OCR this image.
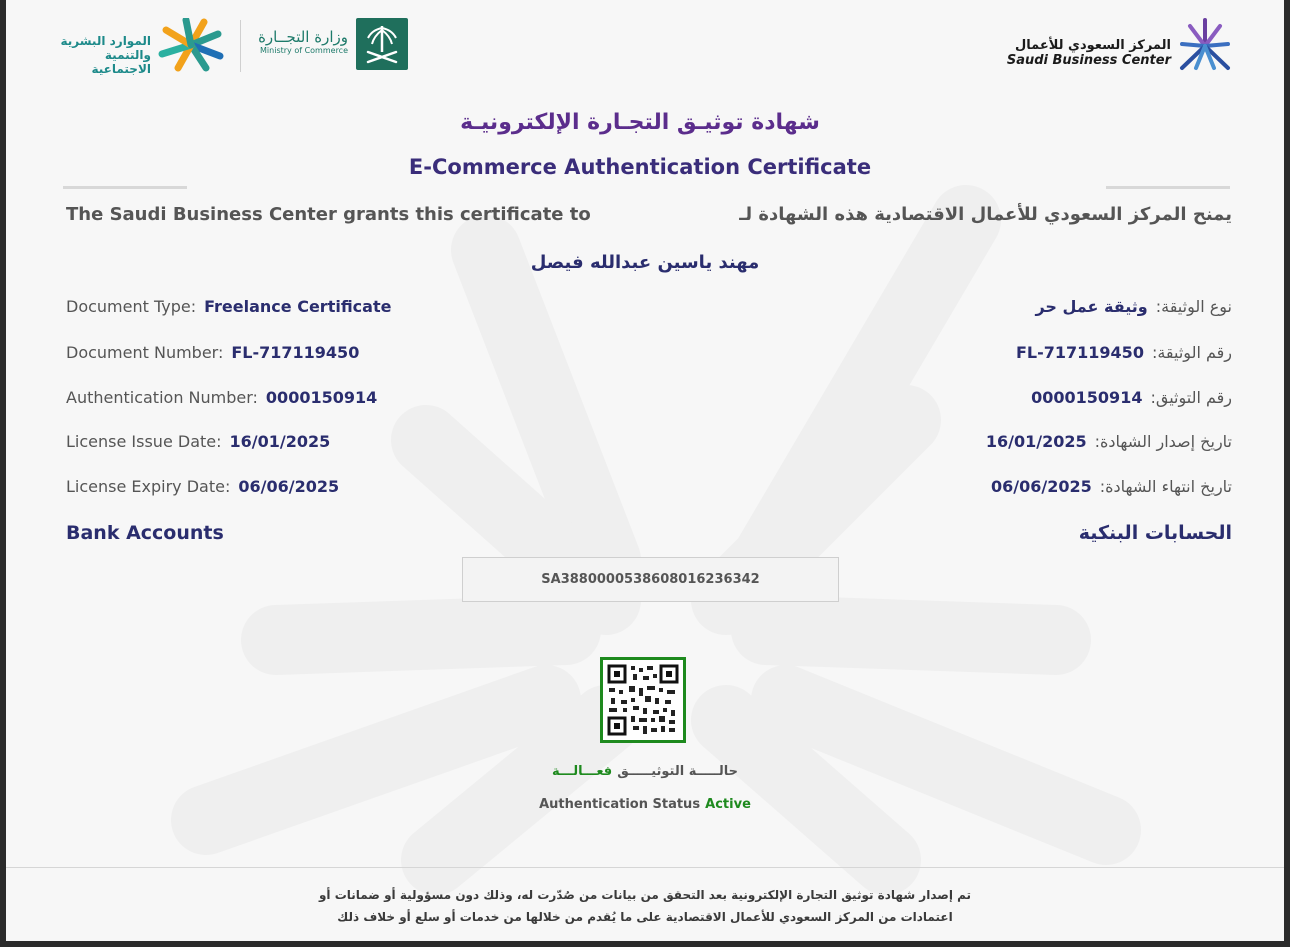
الموارد البشرية
والتنمية الاجتماعية
وزارة التجــارة
Ministry of Commerce	المركز السعودي للأعمال
Saudi Business Center
شهادة توثيـق التجـارة الإلكترونيـة
E-Commerce Authentication Certificate
The Saudi Business Center grants this certificate to	يمنح المركز السعودي للأعمال الاقتصادية هذه الشهادة لـ
مهند ياسين عبدالله فيصل
Document Type: Freelance Certificate
Document Number: FL-717119450
Authentication Number: 0000150914
License Issue Date: 16/01/2025
License Expiry Date: 06/06/2025
نوع الوثيقة:
وثيقة عمل حر
رقم الوثيقة:
FL-717119450
رقم التوثيق:
0000150914
تاريخ إصدار الشهادة:
16/01/2025
تاريخ انتهاء الشهادة:
06/06/2025
Bank Accounts	الحسابات البنكية
SA3880000538608016236342
حالـــــة التوثيـــــق فعـــالـــة
Authentication Status Active
تم إصدار شهادة توثيق التجارة الإلكترونية بعد التحقق من بيانات من صُدّرت له، وذلك دون مسؤولية أو ضمانات أو
اعتمادات من المركز السعودي للأعمال الاقتصادية على ما يُقدم من خلالها من خدمات أو سلع أو خلاف ذلك
